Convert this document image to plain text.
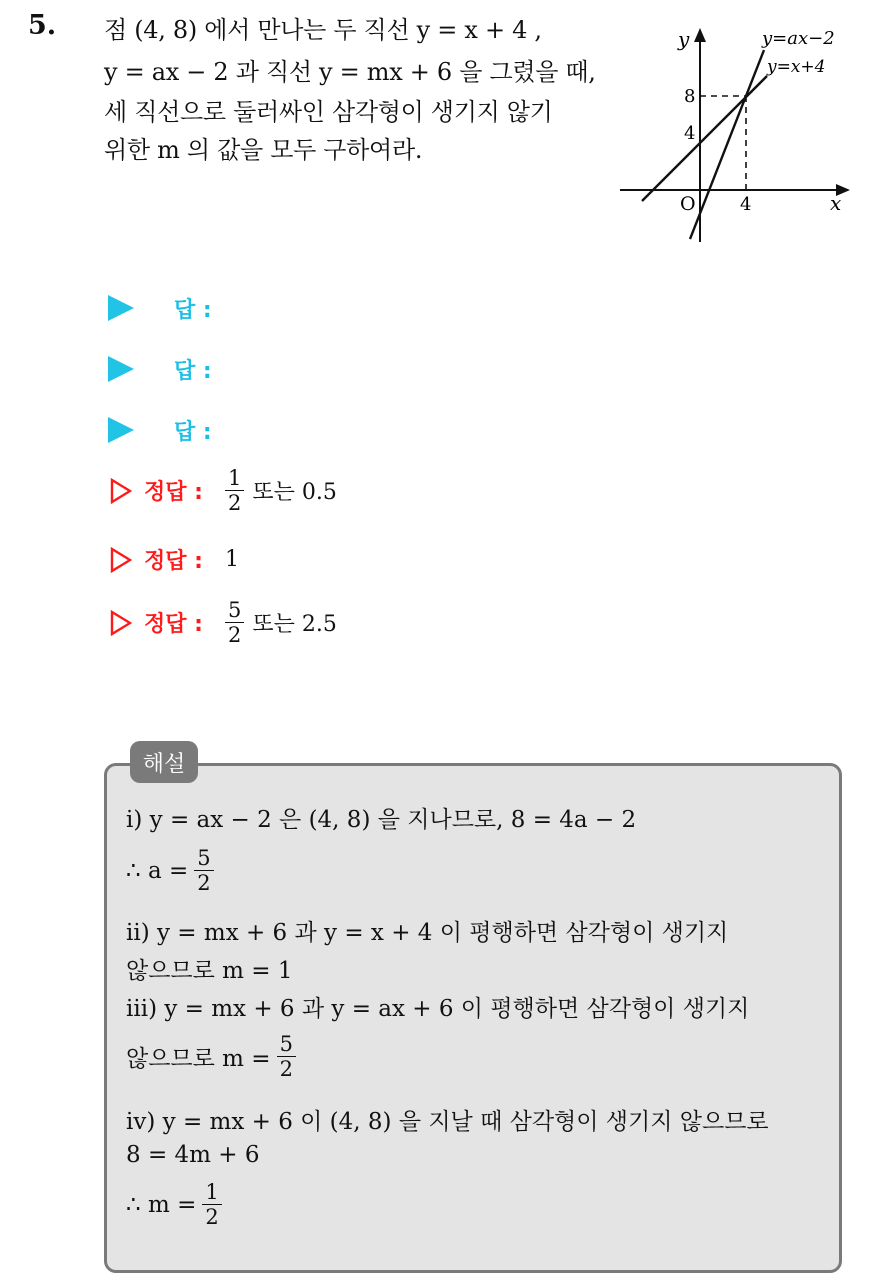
5. 점 (4, 8) 에서 만나는 두 직선 y = x + 4 ,
y = ax − 2 과 직선 y = mx + 6 을 그렸을 때,
세 직선으로 둘러싸인 삼각형이 생기지 않기
위한 m 의 값을 모두 구하여라.
y
x
O
8
4
4
y=ax−2
y=x+4
답 :
답 :
답 :
정답 : $\frac{1}{2}$ 또는 0.5
정답 : 1
정답 : $\frac{5}{2}$ 또는 2.5
해설
ⅰ) y = ax − 2 은 (4, 8) 을 지나므로, 8 = 4a − 2
∴ $a = \frac{5}{2}$
ⅱ) y = mx + 6 과 y = x + 4 이 평행하면 삼각형이 생기지
않으므로 m = 1
ⅲ) y = mx + 6 과 y = ax + 6 이 평행하면 삼각형이 생기지
않으므로 $m = \frac{5}{2}$
ⅳ) y = mx + 6 이 (4, 8) 을 지날 때 삼각형이 생기지 않으므로
8 = 4m + 6
∴ $m = \frac{1}{2}$
